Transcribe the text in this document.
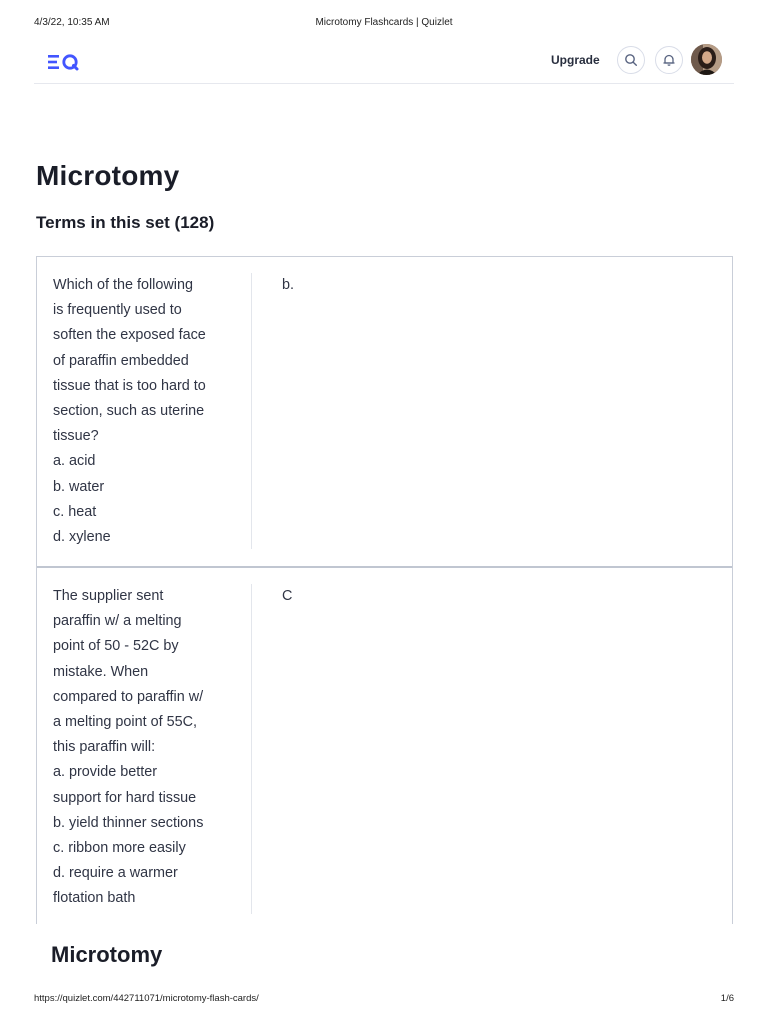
4/3/22, 10:35 AM	Microtomy Flashcards | Quizlet
Upgrade
Microtomy
Terms in this set (128)
Which of the following
is frequently used to
soften the exposed face
of paraffin embedded
tissue that is too hard to
section, such as uterine
tissue?
a. acid
b. water
c. heat
d. xylene
b.
The supplier sent
paraffin w/ a melting
point of 50 - 52C by
mistake. When
compared to paraffin w/
a melting point of 55C,
this paraffin will:
a. provide better
support for hard tissue
b. yield thinner sections
c. ribbon more easily
d. require a warmer
flotation bath
C
Microtomy
https://quizlet.com/442711071/microtomy-flash-cards/	1/6
